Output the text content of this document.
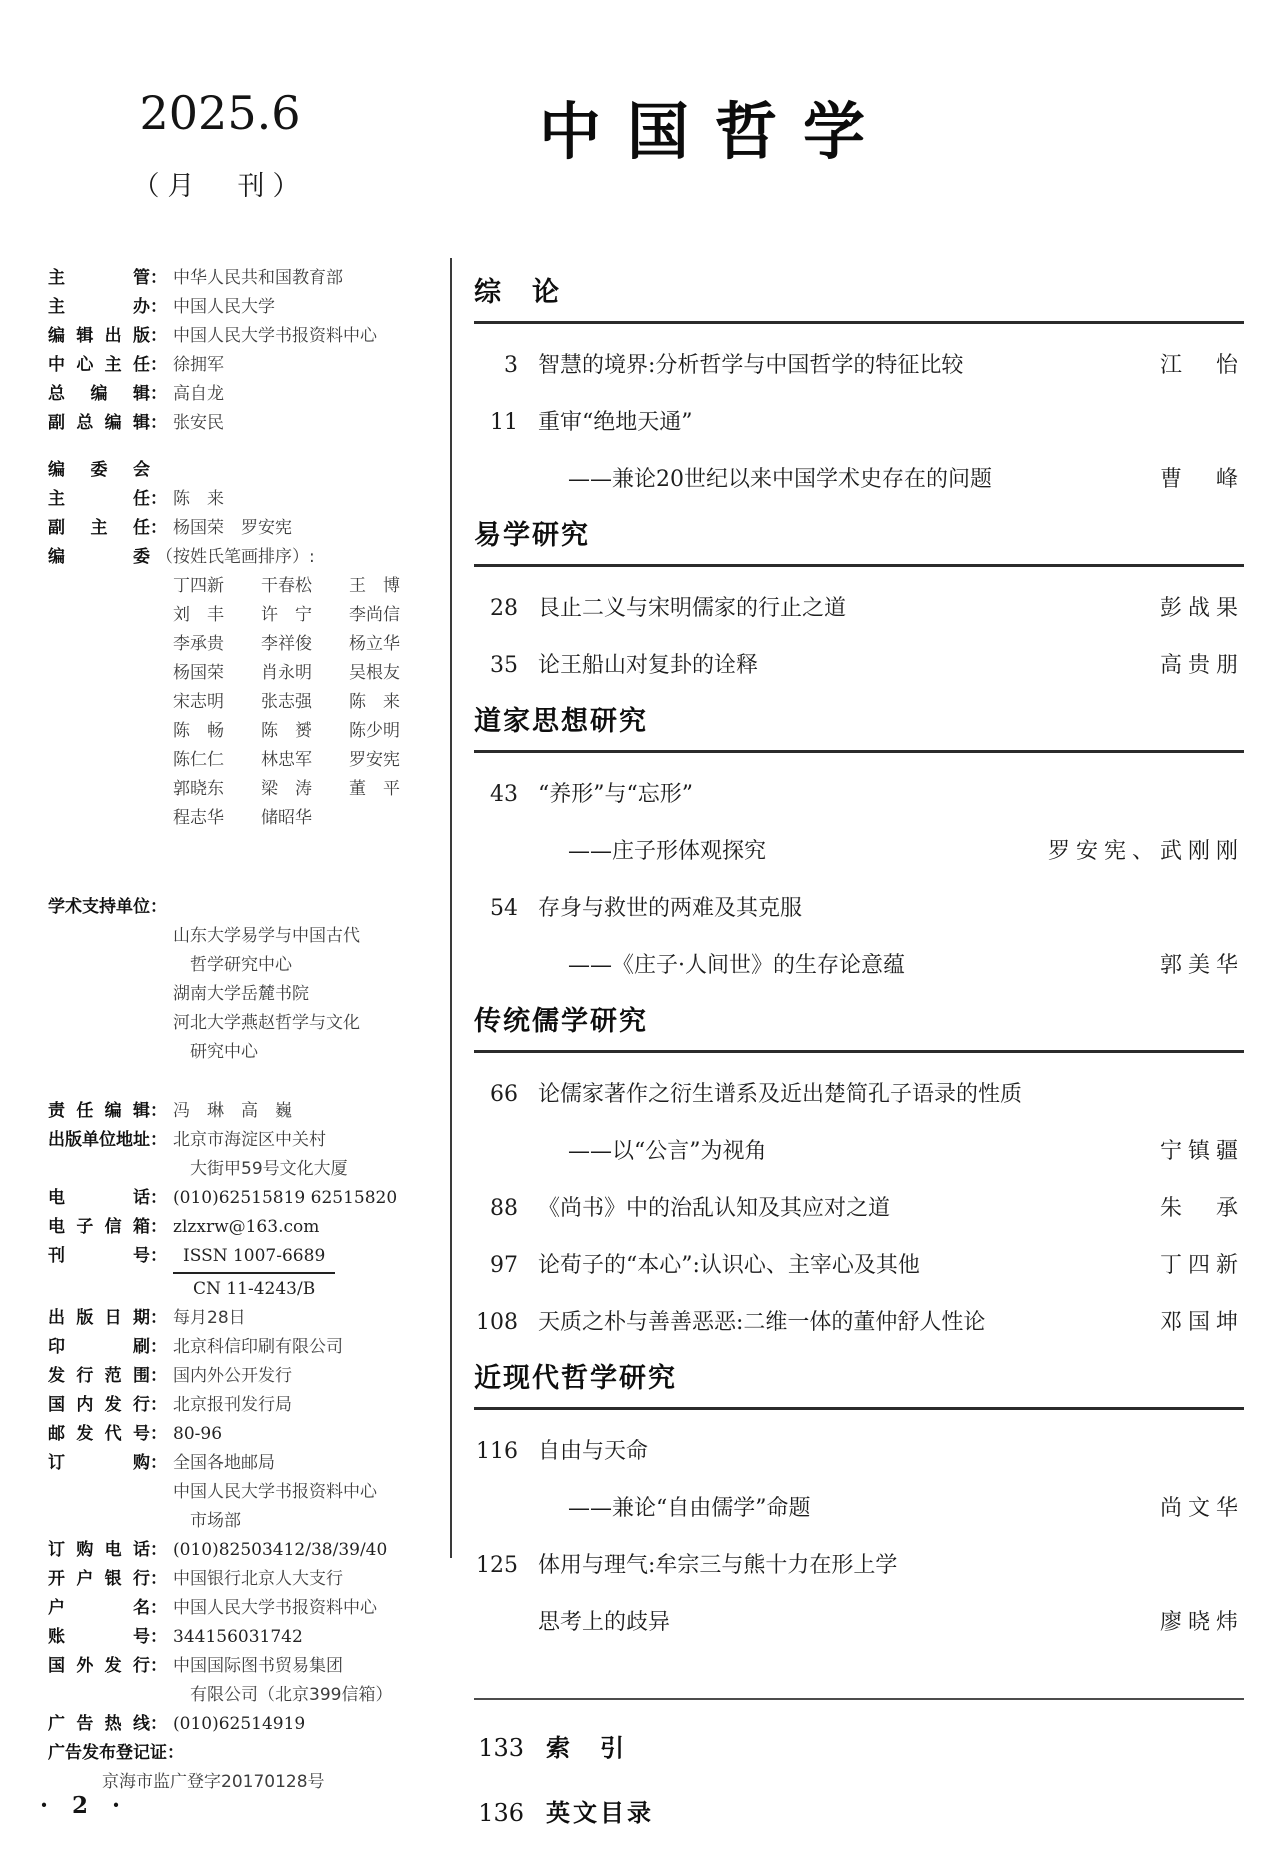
2025.6
（月　刊）
中国哲学
主管 ： 中华人民共和国教育部
主办 ： 中国人民大学
编辑出版 ： 中国人民大学书报资料中心
中心主任 ： 徐拥军
总编辑 ： 高自龙
副总编辑 ： 张安民
编委会
主任 ： 陈　来
副主任 ： 杨国荣　罗安宪
编委 （按姓氏笔画排序）:
丁四新 干春松 王　博
刘　丰 许　宁 李尚信
李承贵 李祥俊 杨立华
杨国荣 肖永明 吴根友
宋志明 张志强 陈　来
陈　畅 陈　赟 陈少明
陈仁仁 林忠军 罗安宪
郭晓东 梁　涛 董　平
程志华 储昭华
学术支持单位 ：
山东大学易学与中国古代
哲学研究中心
湖南大学岳麓书院
河北大学燕赵哲学与文化
研究中心
责任编辑 ： 冯　琳　高　巍
出版单位地址 ： 北京市海淀区中关村
大街甲59号文化大厦
电话 ： (010)62515819 62515820
电子信箱 ： zlzxrw@163.com
刊号 ： $\frac{\text{ISSN 1007-6689}}{CN 11-4243/B}$
出版日期 ： 每月28日
印刷 ： 北京科信印刷有限公司
发行范围 ： 国内外公开发行
国内发行 ： 北京报刊发行局
邮发代号 ： 80-96
订购 ： 全国各地邮局
中国人民大学书报资料中心
市场部
订购电话 ： (010)82503412/38/39/40
开户银行 ： 中国银行北京人大支行
户名 ： 中国人民大学书报资料中心
账号 ： 344156031742
国外发行 ： 中国国际图书贸易集团
有限公司（北京399信箱）
广告热线 ： (010)62514919
广告发布登记证 ：
京海市监广登字20170128号
综　论
3 智慧的境界:分析哲学与中国哲学的特征比较	江　怡
11 重审“绝地天通”
——兼论20世纪以来中国学术史存在的问题	曹　峰
易学研究
28 艮止二义与宋明儒家的行止之道	彭战果
35 论王船山对复卦的诠释	高贵朋
道家思想研究
43 “养形”与“忘形”
——庄子形体观探究	罗安宪、武刚刚
54 存身与救世的两难及其克服
——《庄子·人间世》的生存论意蕴	郭美华
传统儒学研究
66 论儒家著作之衍生谱系及近出楚简孔子语录的性质
——以“公言”为视角	宁镇疆
88 《尚书》中的治乱认知及其应对之道	朱　承
97 论荀子的“本心”:认识心、主宰心及其他	丁四新
108 天质之朴与善善恶恶:二维一体的董仲舒人性论	邓国坤
近现代哲学研究
116 自由与天命
——兼论“自由儒学”命题	尚文华
125 体用与理气:牟宗三与熊十力在形上学
思考上的歧异	廖晓炜
133 索　引
136 英文目录
· 2 ·
